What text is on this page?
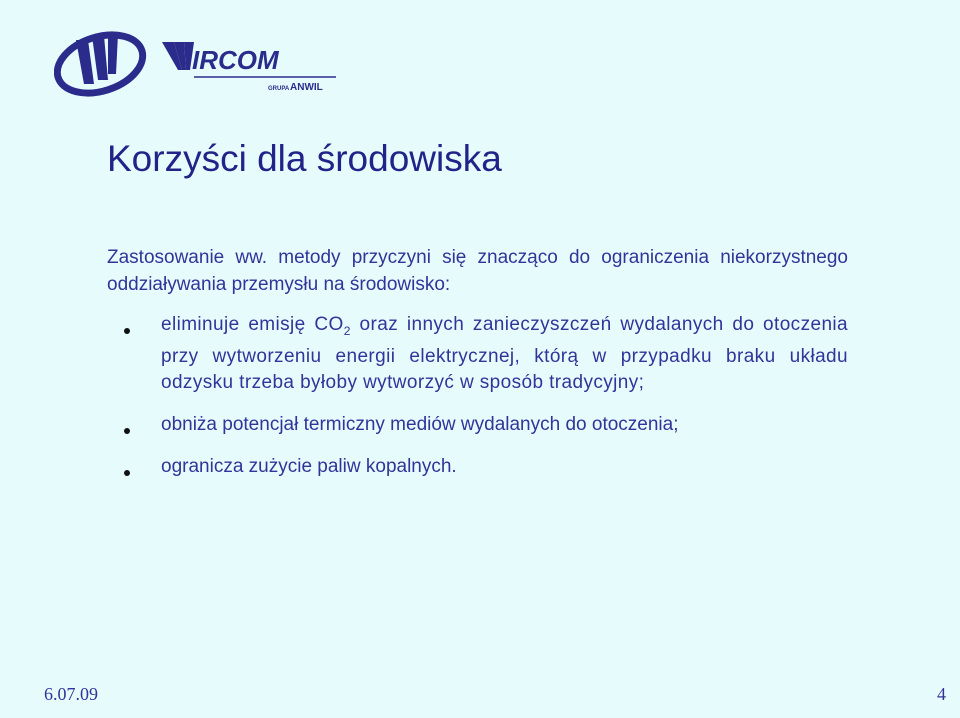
IRCOM
GRUPA ANWIL
Korzyści dla środowiska

Zastosowanie ww. metody przyczyni się znacząco do ograniczenia niekorzystnego oddziaływania przemysłu na środowisko:

eliminuje emisję $CO_2$ oraz innych zanieczyszczeń wydalanych do otoczenia przy wytworzeniu energii elektrycznej, którą w przypadku braku układu odzysku trzeba byłoby wytworzyć w sposób tradycyjny;
obniża potencjał termiczny mediów wydalanych do otoczenia;
ogranicza zużycie paliw kopalnych.
6.07.09	4
